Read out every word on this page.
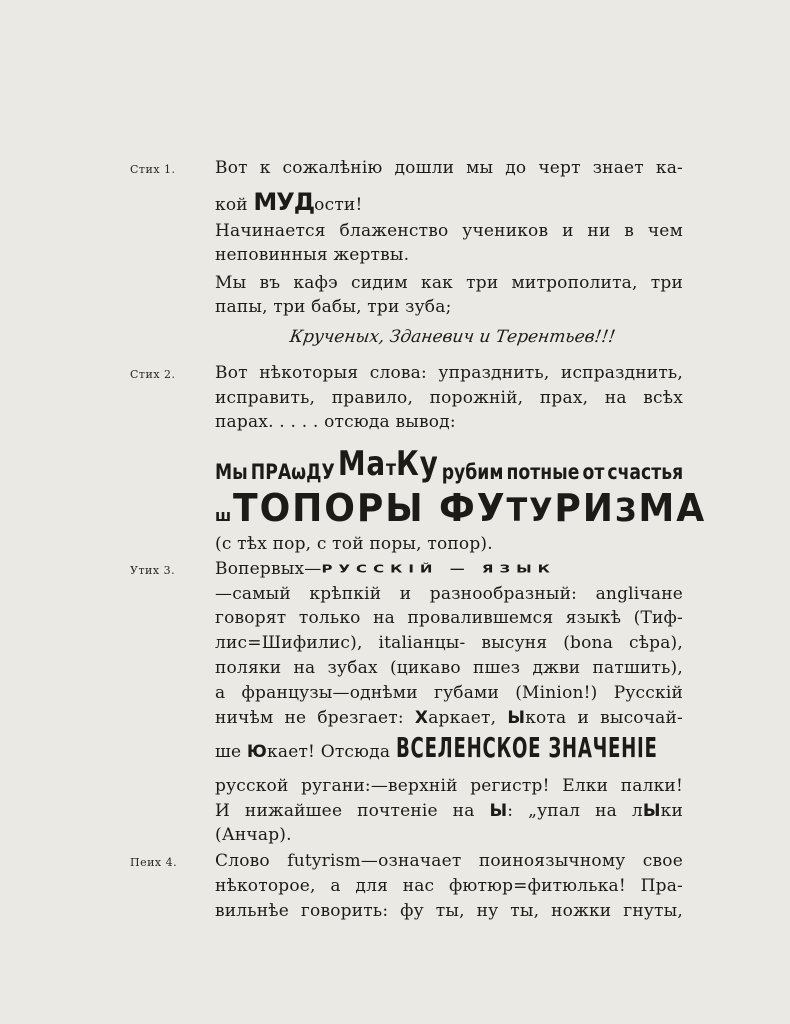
Стих 1.
Стих 2.
Утих 3.
Пеих 4.
Вот к сожалѣнію дошли мы до черт знает ка-
кой МУДости!
Начинается блаженство учеников и ни в чем
неповинныя жертвы.
Мы въ кафэ сидим как три митрополита, три
папы, три бабы, три зуба;
Крученых, Зданевич и Терентьев!!!
Вот нѣкоторыя слова: упразднить, испразднить,
исправить, правило, порожній, прах, на всѣх
парах. . . . . отсюда вывод:
Мы ПРАѡДУ МатКу рубим потные от счастья
шТОПОРЫ ФУТУРИЗМА
(с тѣх пор, с той поры, топор).
Вопервых—РУССКІЙ — ЯЗЫК
—самый крѣпкій и разнообразный: angliчане
говорят только на провалившемся языкѣ (Тиф-
лис=Шифилис), italiанцы- высуня (bona сѣра),
поляки на зубах (цикаво пшез джви патшить),
а французы—однѣми губами (Minion!) Русскій
ничѣм не брезгает: Харкает, Ыкота и высочай-
ше Юкает! Отсюда ВСЕЛЕНСКОЕ ЗНАЧЕНІЕ
русской ругани:—верхній регистр! Елки палки!
И нижайшее почтеніе на Ы: „упал на лЫки
(Анчар).
Слово futyrism—означает поиноязычному свое
нѣкоторое, а для нас фютюр=фитюлька! Пра-
вильнѣе говорить: фу ты, ну ты, ножки гнуты,
